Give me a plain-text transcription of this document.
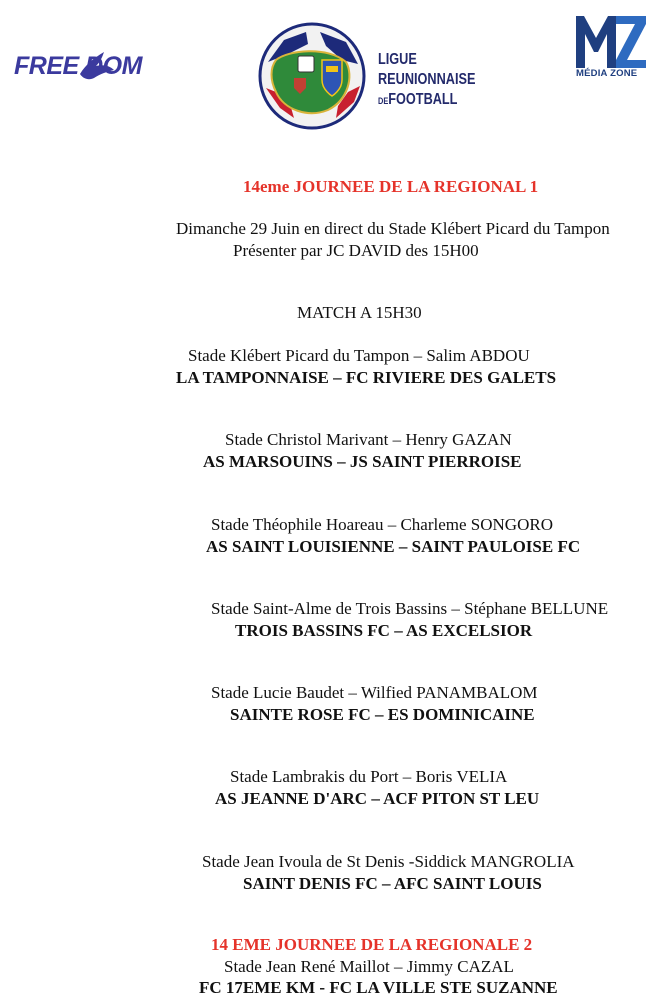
FREE DOM	LIGUE
REUNIONNAISE
DEFOOTBALL
MÉDIA ZONE
14eme JOURNEE DE LA REGIONAL 1
Dimanche 29 Juin en direct du Stade Klébert Picard du Tampon
Présenter par JC DAVID des 15H00
MATCH A 15H30
Stade Klébert Picard du Tampon – Salim ABDOU
LA TAMPONNAISE – FC RIVIERE DES GALETS
Stade Christol Marivant – Henry GAZAN
AS MARSOUINS – JS SAINT PIERROISE
Stade Théophile Hoareau – Charleme SONGORO
AS SAINT LOUISIENNE – SAINT PAULOISE FC
Stade Saint-Alme de Trois Bassins – Stéphane BELLUNE
TROIS BASSINS FC – AS EXCELSIOR
Stade Lucie Baudet – Wilfied PANAMBALOM
SAINTE ROSE FC – ES DOMINICAINE
Stade Lambrakis du Port – Boris VELIA
AS JEANNE D'ARC – ACF PITON ST LEU
Stade Jean Ivoula de St Denis -Siddick MANGROLIA
SAINT DENIS FC – AFC SAINT LOUIS
14 EME JOURNEE DE LA REGIONALE 2
Stade Jean René Maillot – Jimmy CAZAL
FC 17EME KM - FC LA VILLE STE SUZANNE
